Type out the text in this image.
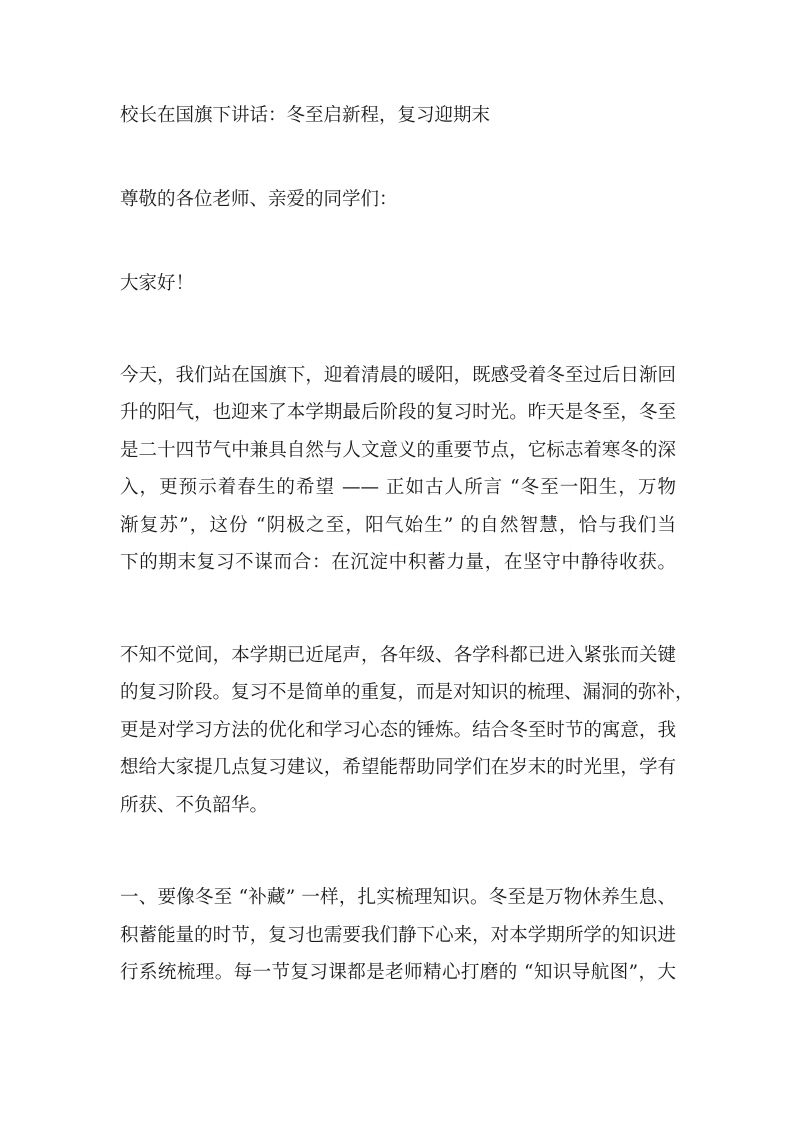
校长在国旗下讲话：冬至启新程，复习迎期末
尊敬的各位老师、亲爱的同学们：
大家好！
今天，我们站在国旗下，迎着清晨的暖阳，既感受着冬至过后日渐回
升的阳气，也迎来了本学期最后阶段的复习时光。昨天是冬至，冬至
是二十四节气中兼具自然与人文意义的重要节点，它标志着寒冬的深
入，更预示着春生的希望 —— 正如古人所言 “冬至一阳生，万物
渐复苏”，这份 “阴极之至，阳气始生” 的自然智慧，恰与我们当
下的期末复习不谋而合：在沉淀中积蓄力量，在坚守中静待收获。
不知不觉间，本学期已近尾声，各年级、各学科都已进入紧张而关键
的复习阶段。复习不是简单的重复，而是对知识的梳理、漏洞的弥补，
更是对学习方法的优化和学习心态的锤炼。结合冬至时节的寓意，我
想给大家提几点复习建议，希望能帮助同学们在岁末的时光里，学有
所获、不负韶华。
一、要像冬至 “补藏” 一样，扎实梳理知识。冬至是万物休养生息、
积蓄能量的时节，复习也需要我们静下心来，对本学期所学的知识进
行系统梳理。每一节复习课都是老师精心打磨的 “知识导航图”，大
